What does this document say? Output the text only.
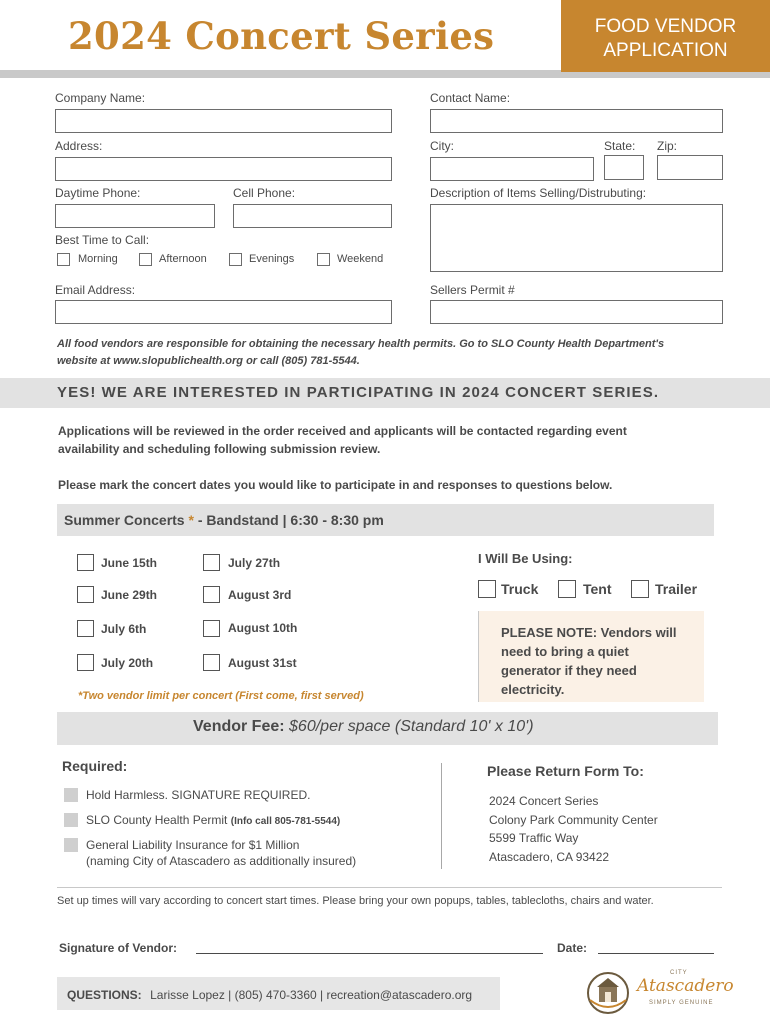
2024 Concert Series	FOOD VENDOR
APPLICATION
Company Name:	Contact Name:
Address:	City:	State: Zip:
Daytime Phone:	Cell Phone:	Description of Items Selling/Distrubuting:
Best Time to Call:
Morning	Afternoon	Evenings	Weekend
Email Address:	Sellers Permit #
All food vendors are responsible for obtaining the necessary health permits. Go to SLO County Health Department's
website at www.slopublichealth.org or call (805) 781-5544.
YES! WE ARE INTERESTED IN PARTICIPATING IN 2024 CONCERT SERIES.
Applications will be reviewed in the order received and applicants will be contacted regarding event
availability and scheduling following submission review.
Please mark the concert dates you would like to participate in and responses to questions below.
Summer Concerts * - Bandstand | 6:30 - 8:30 pm
June 15th
June 29th
July 6th
July 20th
July 27th
August 3rd
August 10th
August 31st
*Two vendor limit per concert (First come, first served)
I Will Be Using:
Truck	Tent	Trailer
PLEASE NOTE: Vendors will
need to bring a quiet
generator if they need
electricity.
Vendor Fee: $60/per space (Standard 10' x 10')
Required:
Hold Harmless. SIGNATURE REQUIRED.
SLO County Health Permit (Info call 805-781-5544)
General Liability Insurance for $1 Million
(naming City of Atascadero as additionally insured)
Please Return Form To:
2024 Concert Series
Colony Park Community Center
5599 Traffic Way
Atascadero, CA 93422
Set up times will vary according to concert start times. Please bring your own popups, tables, tablecloths, chairs and water.
Signature of Vendor:	Date:
QUESTIONS: Larisse Lopez | (805) 470-3360 | recreation@atascadero.org
CITY
Atascadero
SIMPLY GENUINE
